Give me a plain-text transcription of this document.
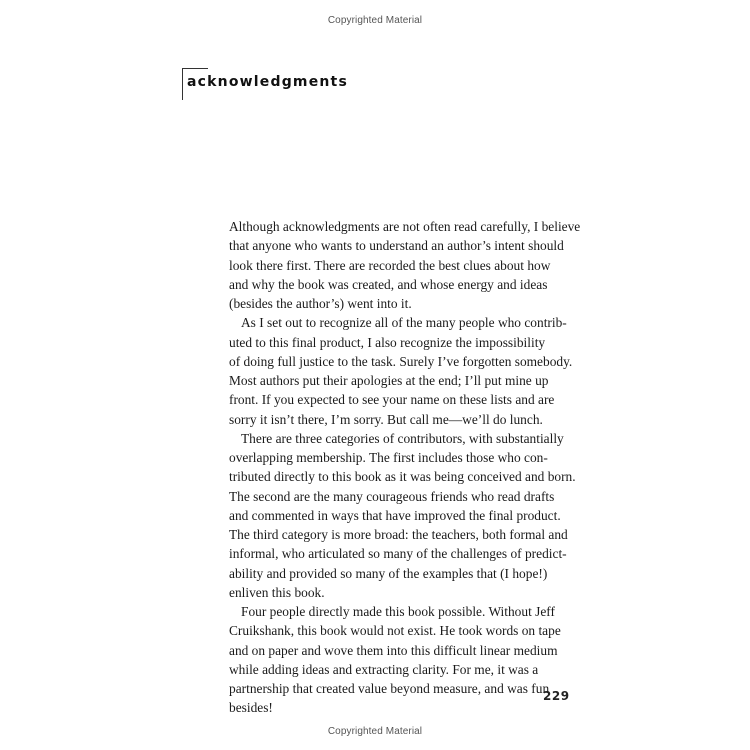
Copyrighted Material
acknowledgments
Although acknowledgments are not often read carefully, I believe
that anyone who wants to understand an author’s intent should
look there first. There are recorded the best clues about how
and why the book was created, and whose energy and ideas
(besides the author’s) went into it.
As I set out to recognize all of the many people who contrib-
uted to this final product, I also recognize the impossibility
of doing full justice to the task. Surely I’ve forgotten somebody.
Most authors put their apologies at the end; I’ll put mine up
front. If you expected to see your name on these lists and are
sorry it isn’t there, I’m sorry. But call me—we’ll do lunch.
There are three categories of contributors, with substantially
overlapping membership. The first includes those who con-
tributed directly to this book as it was being conceived and born.
The second are the many courageous friends who read drafts
and commented in ways that have improved the final product.
The third category is more broad: the teachers, both formal and
informal, who articulated so many of the challenges of predict-
ability and provided so many of the examples that (I hope!)
enliven this book.
Four people directly made this book possible. Without Jeff
Cruikshank, this book would not exist. He took words on tape
and on paper and wove them into this difficult linear medium
while adding ideas and extracting clarity. For me, it was a
partnership that created value beyond measure, and was fun
besides!
229
Copyrighted Material
